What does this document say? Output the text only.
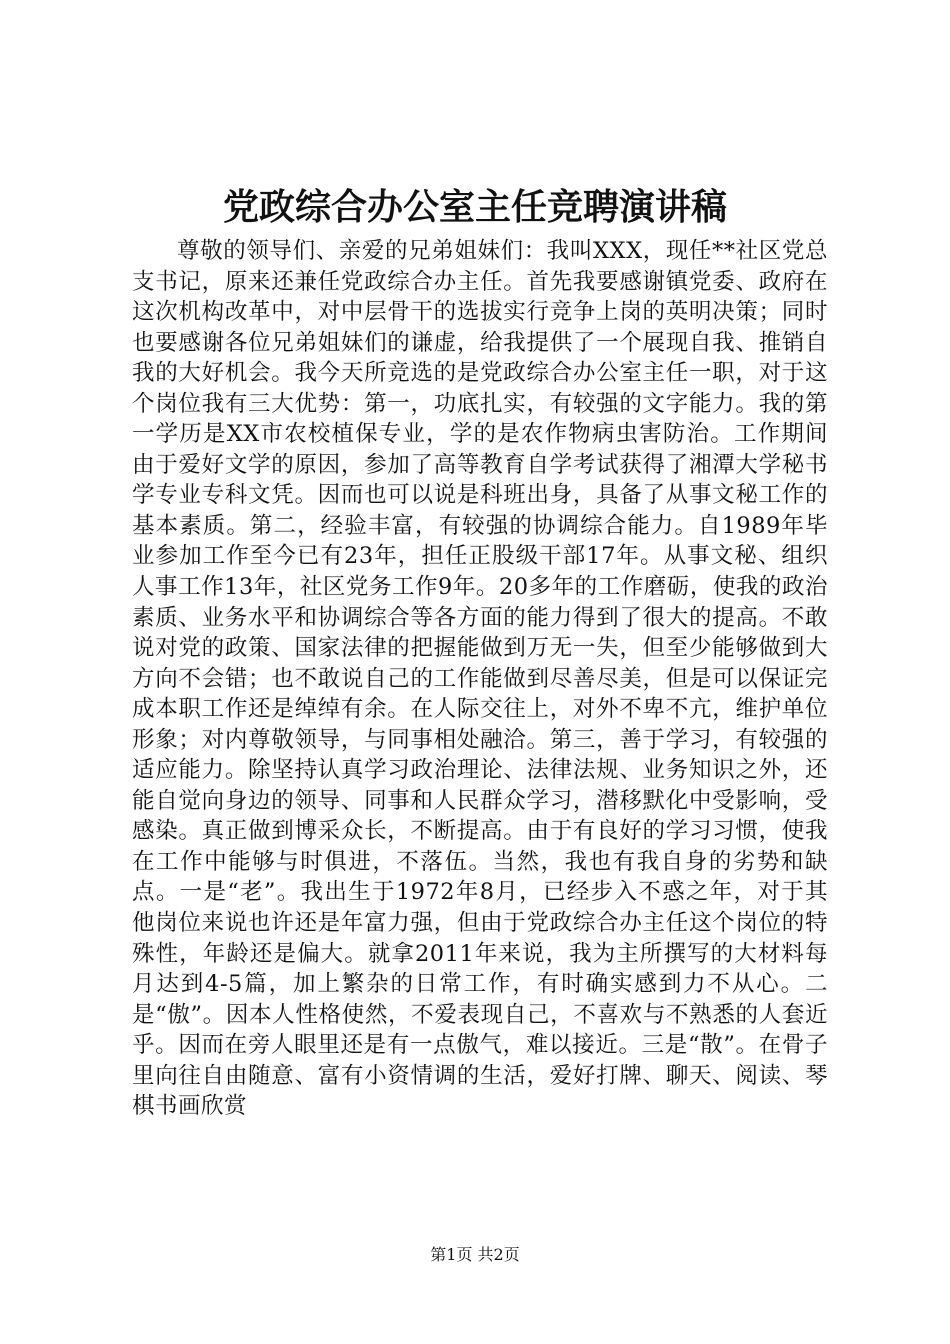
党政综合办公室主任竞聘演讲稿

尊敬的领导们、亲爱的兄弟姐妹们：我叫XXX，现任**社区党总支书记，原来还兼任党政综合办主任。首先我要感谢镇党委、政府在这次机构改革中，对中层骨干的选拔实行竞争上岗的英明决策；同时也要感谢各位兄弟姐妹们的谦虚，给我提供了一个展现自我、推销自我的大好机会。我今天所竞选的是党政综合办公室主任一职，对于这个岗位我有三大优势：第一，功底扎实，有较强的文字能力。我的第一学历是XX市农校植保专业，学的是农作物病虫害防治。工作期间由于爱好文学的原因，参加了高等教育自学考试获得了湘潭大学秘书学专业专科文凭。因而也可以说是科班出身，具备了从事文秘工作的基本素质。第二，经验丰富，有较强的协调综合能力。自1989年毕业参加工作至今已有23年，担任正股级干部17年。从事文秘、组织人事工作13年，社区党务工作9年。20多年的工作磨砺，使我的政治素质、业务水平和协调综合等各方面的能力得到了很大的提高。不敢说对党的政策、国家法律的把握能做到万无一失，但至少能够做到大方向不会错；也不敢说自己的工作能做到尽善尽美，但是可以保证完成本职工作还是绰绰有余。在人际交往上，对外不卑不亢，维护单位形象；对内尊敬领导，与同事相处融洽。第三，善于学习，有较强的适应能力。除坚持认真学习政治理论、法律法规、业务知识之外，还能自觉向身边的领导、同事和人民群众学习，潜移默化中受影响，受感染。真正做到博采众长，不断提高。由于有良好的学习习惯，使我在工作中能够与时俱进，不落伍。当然，我也有我自身的劣势和缺点。一是“老”。我出生于1972年8月，已经步入不惑之年，对于其他岗位来说也许还是年富力强，但由于党政综合办主任这个岗位的特殊性，年龄还是偏大。就拿2011年来说，我为主所撰写的大材料每月达到4-5篇，加上繁杂的日常工作，有时确实感到力不从心。二是“傲”。因本人性格使然，不爱表现自己，不喜欢与不熟悉的人套近乎。因而在旁人眼里还是有一点傲气，难以接近。三是“散”。在骨子里向往自由随意、富有小资情调的生活，爱好打牌、聊天、阅读、琴棋书画欣赏

第1页 共2页
